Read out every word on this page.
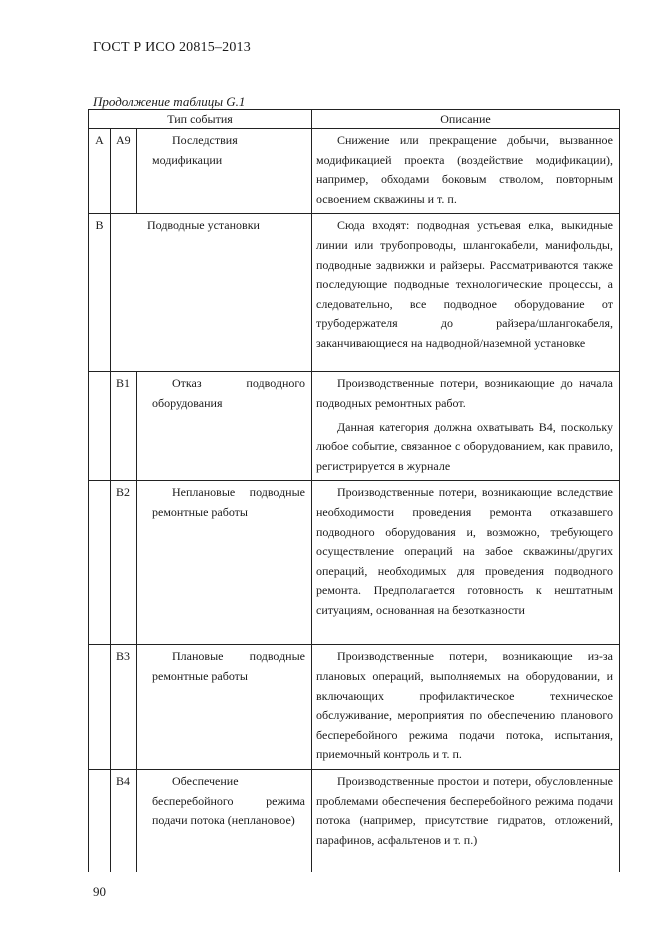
ГОСТ Р ИСО 20815–2013
Продолжение таблицы G.1
Тип события			Описание
A	A9	Последствия модификации	Снижение или прекращение добычи, вызванное модификацией проекта (воздействие модификации), например, обходами боковым стволом, повторным освоением скважины и т. п.

B	Подводные установки		Сюда входят: подводная устьевая елка, выкидные линии или трубопроводы, шлангокабели, манифольды, подводные задвижки и райзеры. Рассматриваются также последующие подводные технологические процессы, а следовательно, все подводное оборудование от трубодержателя до райзера/шлангокабеля, заканчивающиеся на надводной/наземной установке

	B1	Отказ подводного оборудования	Производственные потери, возникающие до начала подводных ремонтных работ.

Данная категория должна охватывать B4, поскольку любое событие, связанное с оборудованием, как правило, регистрируется в журнале

	B2	Неплановые подводные ремонтные работы	Производственные потери, возникающие вследствие необходимости проведения ремонта отказавшего подводного оборудования и, возможно, требующего осуществление операций на забое скважины/других операций, необходимых для проведения подводного ремонта. Предполагается готовность к нештатным ситуациям, основанная на безотказности

	B3	Плановые подводные ремонтные работы	Производственные потери, возникающие из-за плановых операций, выполняемых на оборудовании, и включающих профилактическое техническое обслуживание, мероприятия по обеспечению планового бесперебойного режима подачи потока, испытания, приемочный контроль и т. п.

	B4	Обеспечение бесперебойного режима подачи потока (неплановое)	Производственные простои и потери, обусловленные проблемами обеспечения бесперебойного режима подачи потока (например, присутствие гидратов, отложений, парафинов, асфальтенов и т. п.)

90
